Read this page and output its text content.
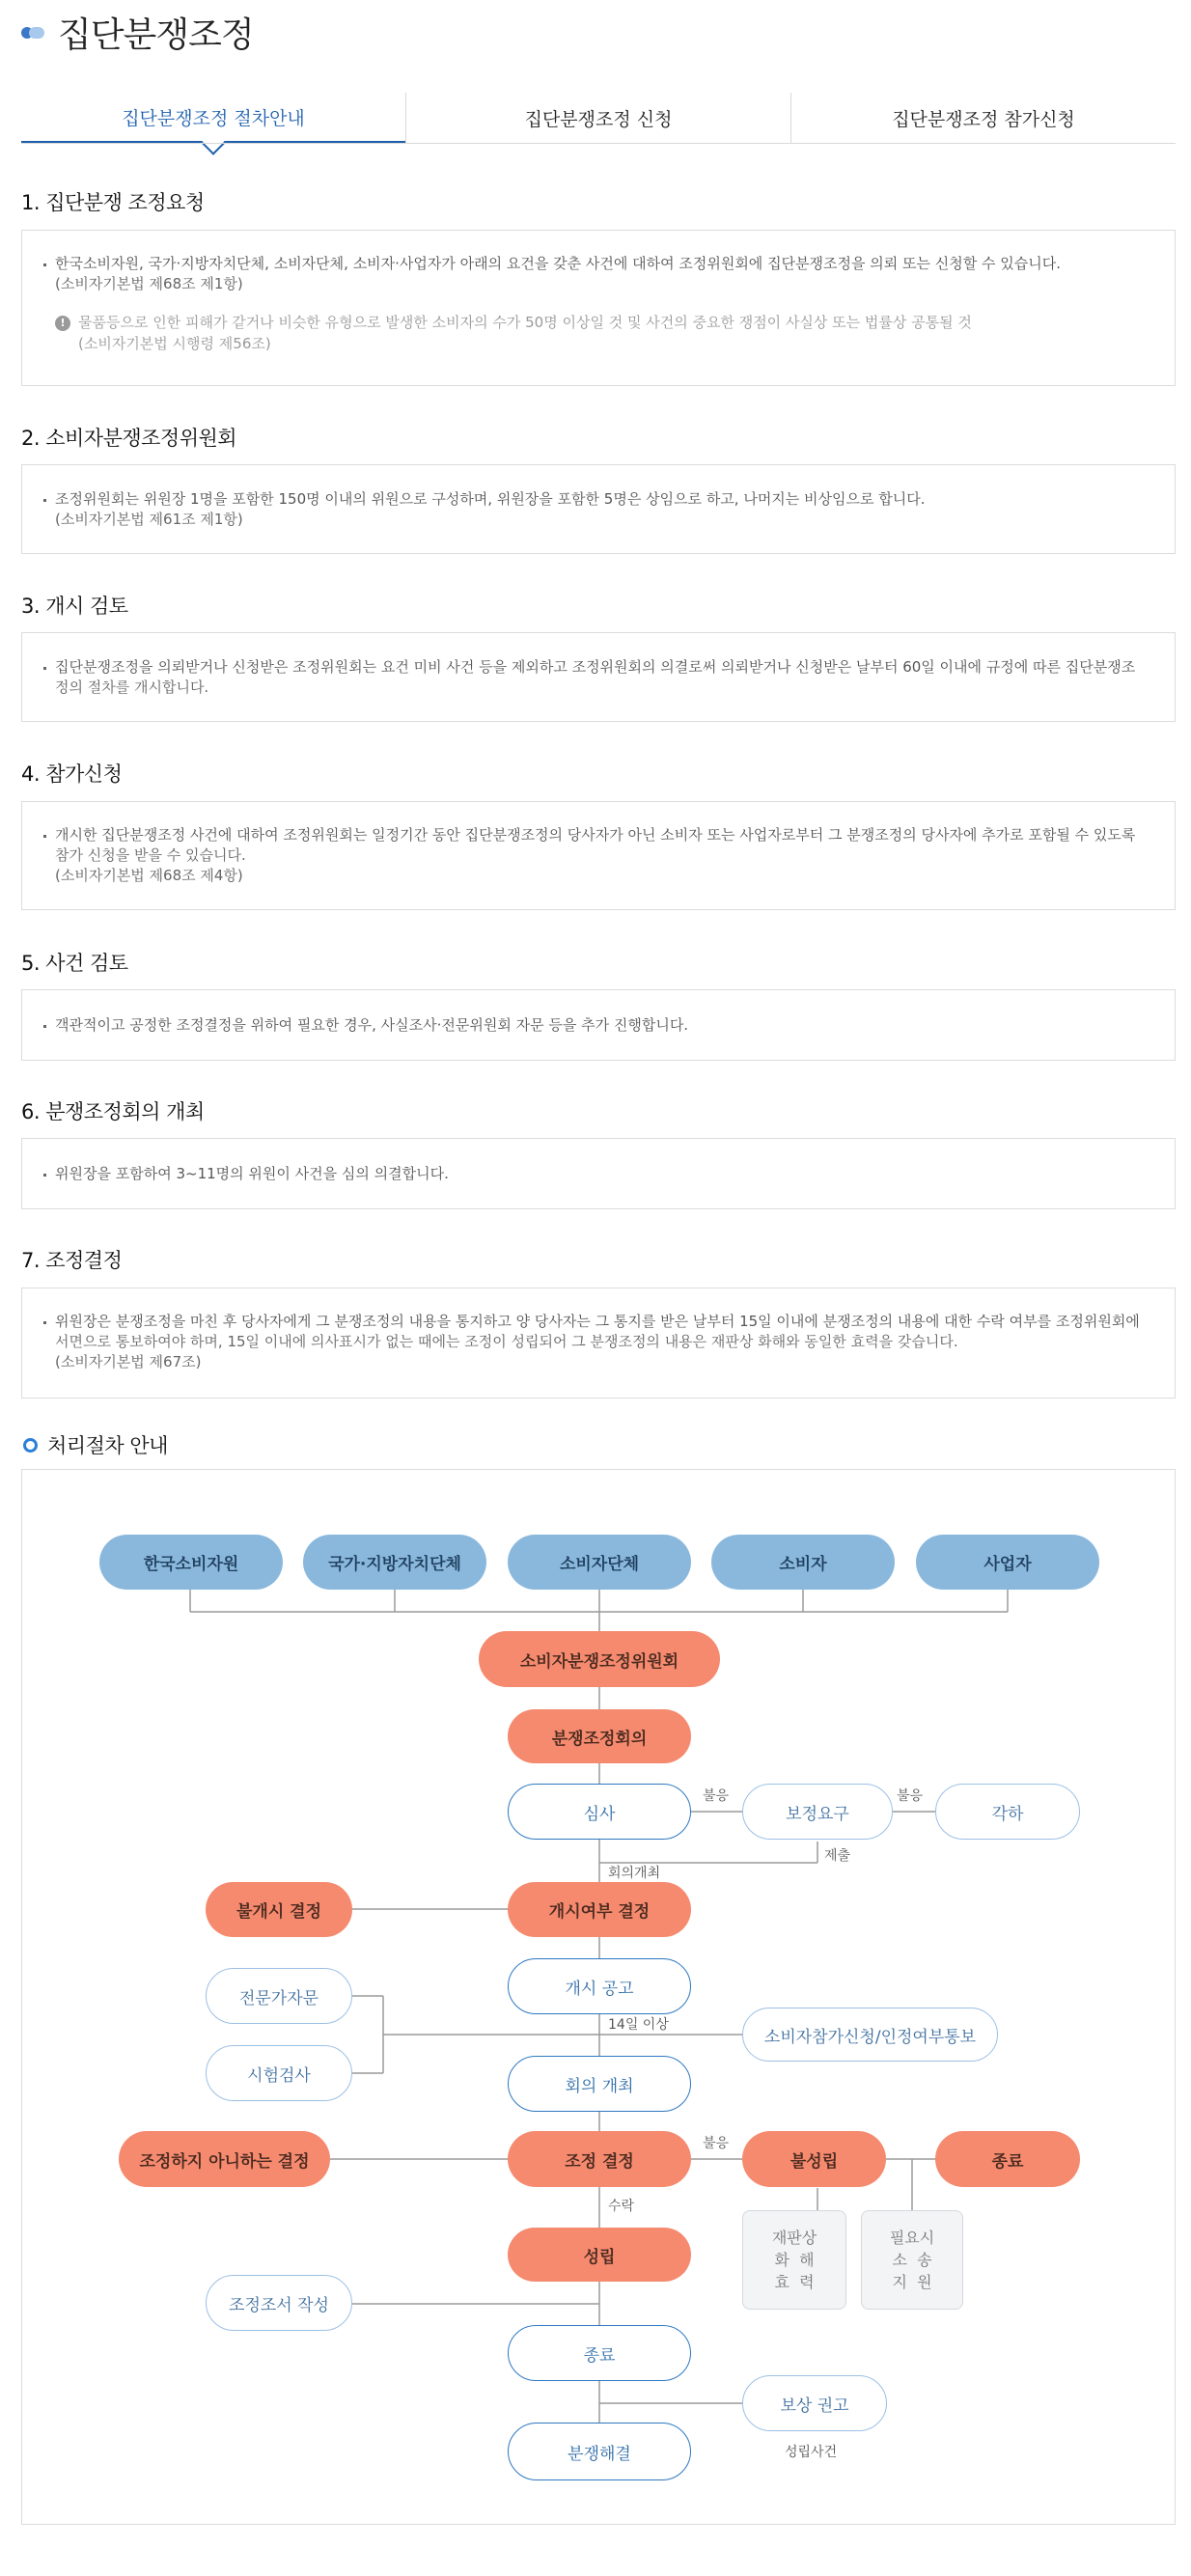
집단분쟁조정
집단분쟁조정 절차안내	집단분쟁조정 신청	집단분쟁조정 참가신청
1. 집단분쟁 조정요청
한국소비자원, 국가·지방자치단체, 소비자단체, 소비자·사업자가 아래의 요건을 갖춘 사건에 대하여 조정위원회에 집단분쟁조정을 의뢰 또는 신청할 수 있습니다.
(소비자기본법 제68조 제1항)
! 물품등으로 인한 피해가 같거나 비슷한 유형으로 발생한 소비자의 수가 50명 이상일 것 및 사건의 중요한 쟁점이 사실상 또는 법률상 공통될 것
(소비자기본법 시행령 제56조)
2. 소비자분쟁조정위원회
조정위원회는 위원장 1명을 포함한 150명 이내의 위원으로 구성하며, 위원장을 포함한 5명은 상임으로 하고, 나머지는 비상임으로 합니다.
(소비자기본법 제61조 제1항)
3. 개시 검토
집단분쟁조정을 의뢰받거나 신청받은 조정위원회는 요건 미비 사건 등을 제외하고 조정위원회의 의결로써 의뢰받거나 신청받은 날부터 60일 이내에 규정에 따른 집단분쟁조
정의 절차를 개시합니다.
4. 참가신청
개시한 집단분쟁조정 사건에 대하여 조정위원회는 일정기간 동안 집단분쟁조정의 당사자가 아닌 소비자 또는 사업자로부터 그 분쟁조정의 당사자에 추가로 포함될 수 있도록
참가 신청을 받을 수 있습니다.
(소비자기본법 제68조 제4항)
5. 사건 검토
객관적이고 공정한 조정결정을 위하여 필요한 경우, 사실조사·전문위원회 자문 등을 추가 진행합니다.
6. 분쟁조정회의 개최
위원장을 포함하여 3~11명의 위원이 사건을 심의 의결합니다.
7. 조정결정
위원장은 분쟁조정을 마친 후 당사자에게 그 분쟁조정의 내용을 통지하고 양 당사자는 그 통지를 받은 날부터 15일 이내에 분쟁조정의 내용에 대한 수락 여부를 조정위원회에
서면으로 통보하여야 하며, 15일 이내에 의사표시가 없는 때에는 조정이 성립되어 그 분쟁조정의 내용은 재판상 화해와 동일한 효력을 갖습니다.
(소비자기본법 제67조)
처리절차 안내
한국소비자원	국가·지방자치단체	소비자단체	소비자	사업자
소비자분쟁조정위원회
분쟁조정회의
심사
불응
보정요구
불응
각하
제출
회의개최
불개시 결정	개시여부 결정
개시 공고
전문가자문
시험검사
14일 이상
소비자참가신청/인정여부통보
회의 개최
조정하지 아니하는 결정	조정 결정
불응
불성립	종료
재판상
화  해
효  력
필요시
소  송
지  원
수락
성립
조정조서 작성
종료
보상 권고
성립사건
분쟁해결
